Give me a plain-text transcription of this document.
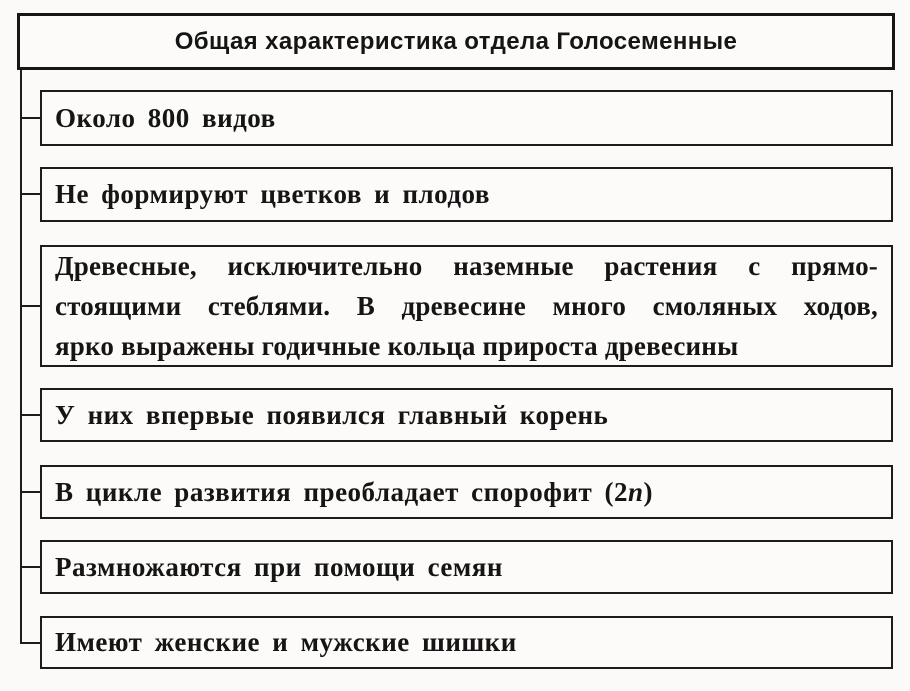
Общая характеристика отдела Голосеменные
Около 800 видов
Не формируют цветков и плодов
Древесные, исключительно наземные растения с прямо-
стоящими стеблями. В древесине много смоляных ходов,
ярко выражены годичные кольца прироста древесины
У них впервые появился главный корень
В цикле развития преобладает спорофит (2n)
Размножаются при помощи семян
Имеют женские и мужские шишки
